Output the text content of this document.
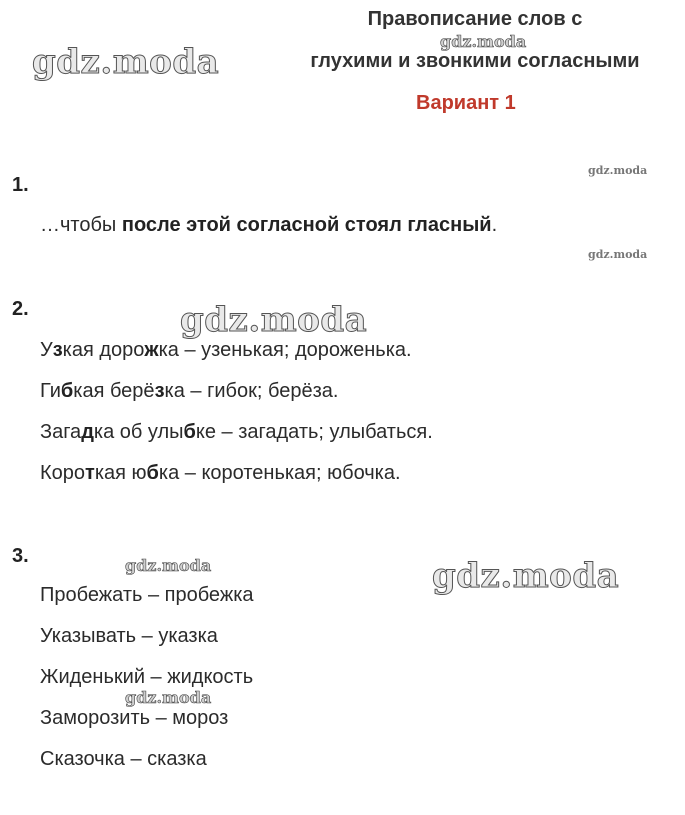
Правописание слов с
глухими и звонкими согласными
Вариант 1
gdz.moda
gdz.moda
gdz.moda
gdz.moda
gdz.moda
gdz.moda	gdz.moda
gdz.moda
1.
…чтобы после этой согласной стоял гласный.
2.
Узкая дорожка – узенькая; дороженька.
Гибкая берёзка – гибок; берёза.
Загадка об улыбке – загадать; улыбаться.
Короткая юбка – коротенькая; юбочка.
3.
Пробежать – пробежка
Указывать – указка
Жиденький – жидкость
Заморозить – мороз
Сказочка – сказка
